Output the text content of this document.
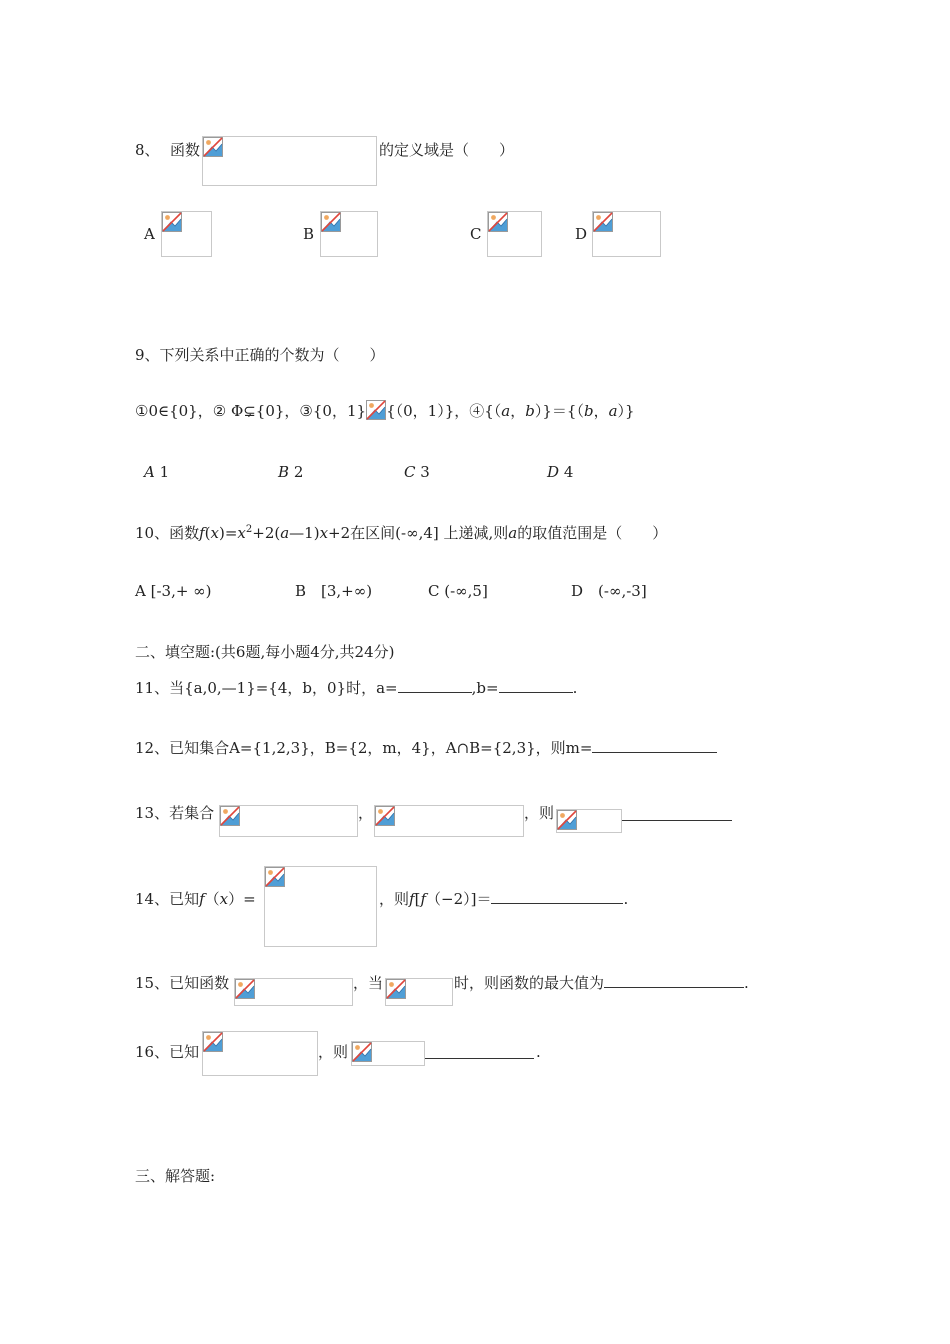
8、 函数	的定义域是（　　）
A	B	C	D
9、下列关系中正确的个数为（　　）
①0∈{0}，② Φ⊊{0}，③{0，1} {（0，1）}，④{（a，b）}＝{（b，a）}
A 1	B 2	C 3	D 4
10、函数$f(x)=x^2+2(a—1)x+2$在区间(-∞,4] 上递减,则a的取值范围是（　　）
A [-3,+ ∞)	B　[3,+∞)	C (-∞,5]	D　(-∞,-3]
二、填空题:(共6题,每小题4分,共24分)
11、当{a,0,—1}={4，b，0}时，a=	,b=	.
12、已知集合A={1,2,3}，B={2，m，4}，A∩B={2,3}，则m=
13、若集合	，	，则
14、已知f（x）=	，则f[f（−2）]＝	.
15、已知函数	，当	时，则函数的最大值为	.
16、已知	，则	.
三、解答题:
